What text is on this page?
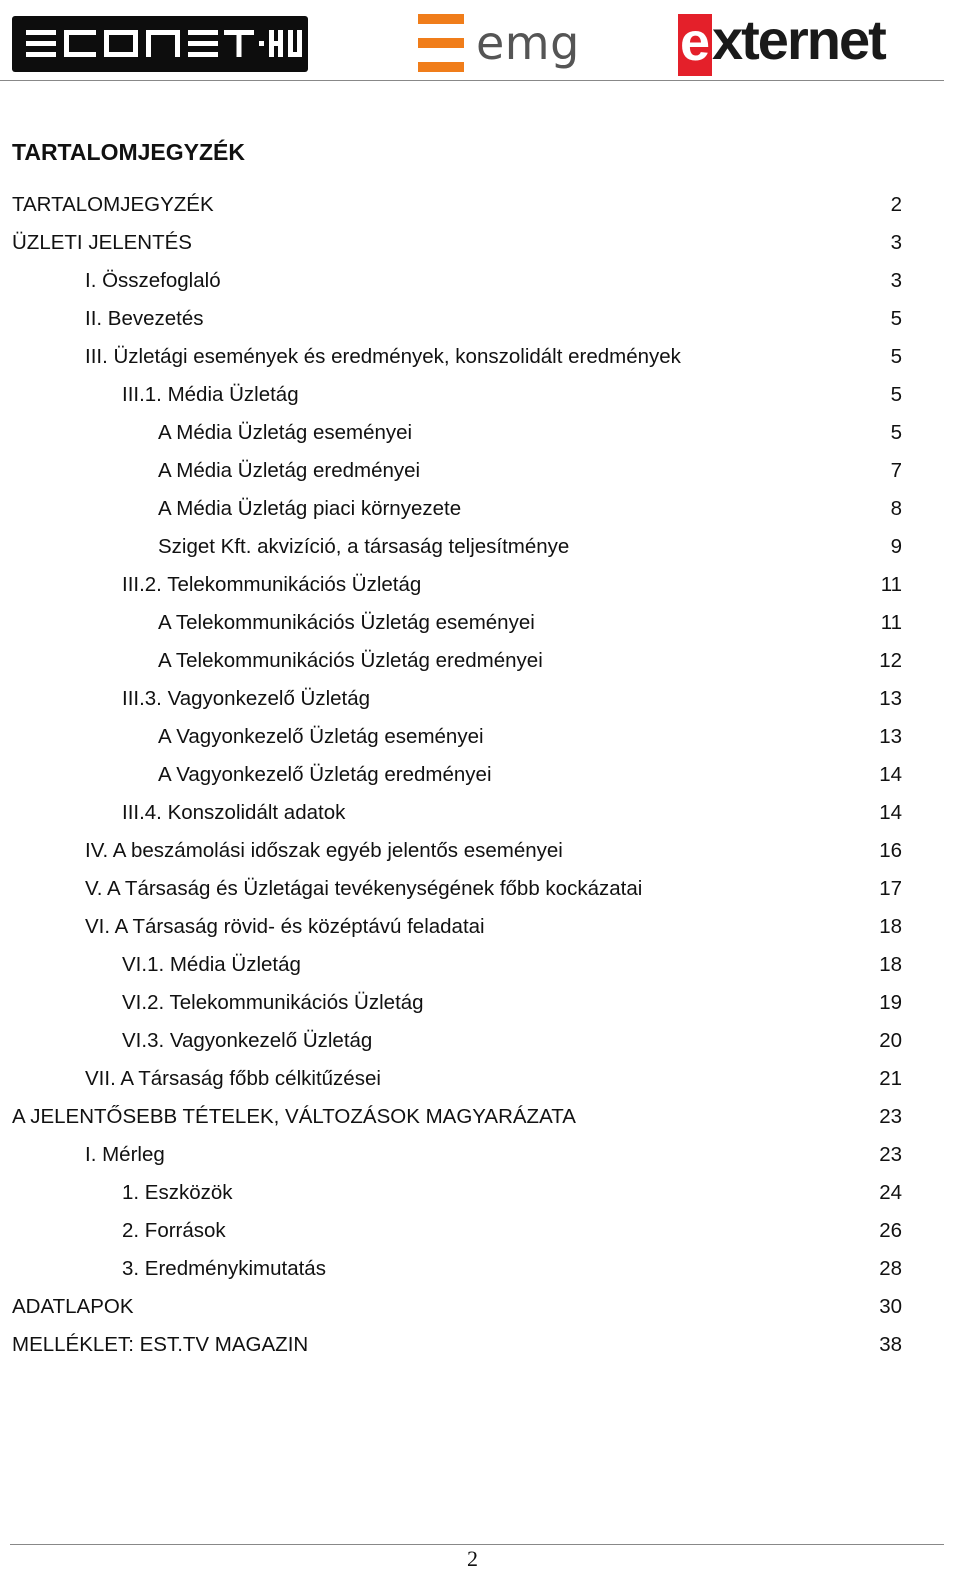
emg e xternet
TARTALOMJEGYZÉK
TARTALOMJEGYZÉK	2
ÜZLETI JELENTÉS	3
I. Összefoglaló	3
II. Bevezetés	5
III. Üzletági események és eredmények, konszolidált eredmények	5
III.1. Média Üzletág	5
A Média Üzletág eseményei	5
A Média Üzletág eredményei	7
A Média Üzletág piaci környezete	8
Sziget Kft. akvizíció, a társaság teljesítménye	9
III.2. Telekommunikációs Üzletág	11
A Telekommunikációs Üzletág eseményei	11
A Telekommunikációs Üzletág eredményei	12
III.3. Vagyonkezelő Üzletág	13
A Vagyonkezelő Üzletág eseményei	13
A Vagyonkezelő Üzletág eredményei	14
III.4. Konszolidált adatok	14
IV. A beszámolási időszak egyéb jelentős eseményei	16
V. A Társaság és Üzletágai tevékenységének főbb kockázatai	17
VI. A Társaság rövid- és középtávú feladatai	18
VI.1. Média Üzletág	18
VI.2. Telekommunikációs Üzletág	19
VI.3. Vagyonkezelő Üzletág	20
VII. A Társaság főbb célkitűzései	21
A JELENTŐSEBB TÉTELEK, VÁLTOZÁSOK MAGYARÁZATA	23
I. Mérleg	23
1. Eszközök	24
2. Források	26
3. Eredménykimutatás	28
ADATLAPOK	30
MELLÉKLET: EST.TV MAGAZIN	38
2
